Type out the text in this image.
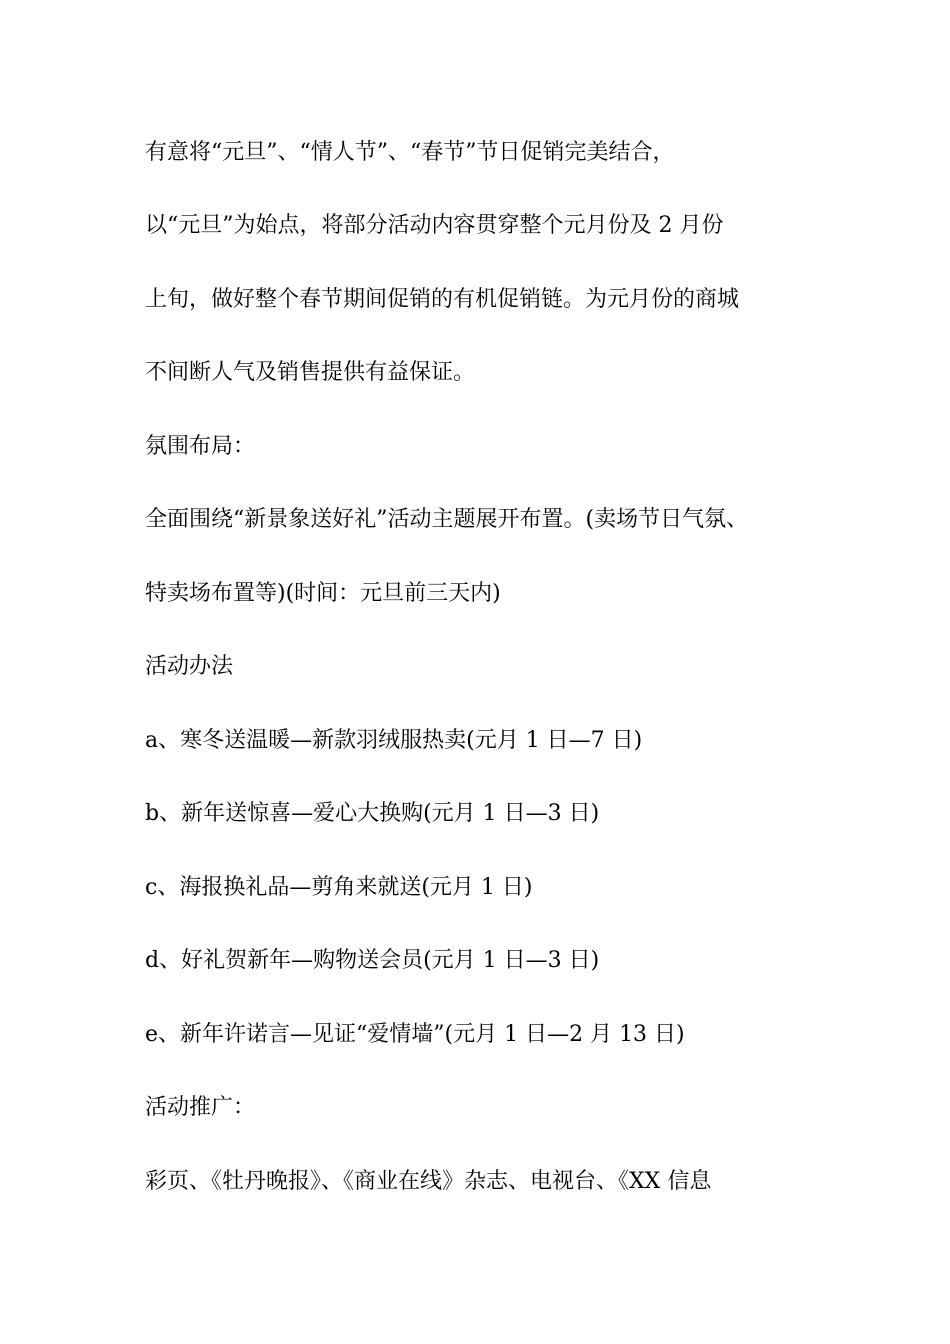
有意将“元旦”、“情人节”、“春节”节日促销完美结合，
以“元旦”为始点，将部分活动内容贯穿整个元月份及 2 月份
上旬，做好整个春节期间促销的有机促销链。为元月份的商城
不间断人气及销售提供有益保证。
氛围布局：
全面围绕“新景象送好礼”活动主题展开布置。(卖场节日气氛、
特卖场布置等)(时间：元旦前三天内)
活动办法
a、寒冬送温暖—新款羽绒服热卖(元月 1 日—7 日)
b、新年送惊喜—爱心大换购(元月 1 日—3 日)
c、海报换礼品—剪角来就送(元月 1 日)
d、好礼贺新年—购物送会员(元月 1 日—3 日)
e、新年许诺言—见证“爱情墙”(元月 1 日—2 月 13 日)
活动推广：
彩页、《牡丹晚报》、《商业在线》杂志、电视台、《XX 信息
